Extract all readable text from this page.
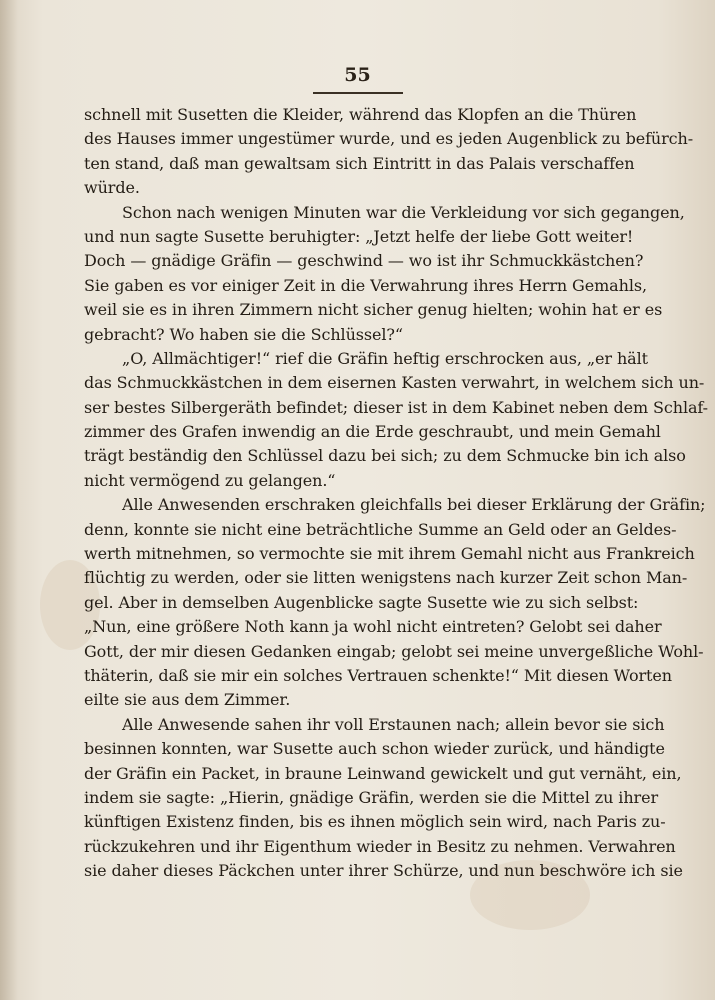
55
schnell mit Susetten die Kleider, während das Klopfen an die Thüren
des Hauses immer ungestümer wurde, und es jeden Augenblick zu befürch-
ten stand, daß man gewaltsam sich Eintritt in das Palais verschaffen
würde.
Schon nach wenigen Minuten war die Verkleidung vor sich gegangen,
und nun sagte Susette beruhigter: „Jetzt helfe der liebe Gott weiter!
Doch — gnädige Gräfin — geschwind — wo ist ihr Schmuckkästchen?
Sie gaben es vor einiger Zeit in die Verwahrung ihres Herrn Gemahls,
weil sie es in ihren Zimmern nicht sicher genug hielten; wohin hat er es
gebracht? Wo haben sie die Schlüssel?“
„O, Allmächtiger!“ rief die Gräfin heftig erschrocken aus, „er hält
das Schmuckkästchen in dem eisernen Kasten verwahrt, in welchem sich un-
ser bestes Silbergeräth befindet; dieser ist in dem Kabinet neben dem Schlaf-
zimmer des Grafen inwendig an die Erde geschraubt, und mein Gemahl
trägt beständig den Schlüssel dazu bei sich; zu dem Schmucke bin ich also
nicht vermögend zu gelangen.“
Alle Anwesenden erschraken gleichfalls bei dieser Erklärung der Gräfin;
denn, konnte sie nicht eine beträchtliche Summe an Geld oder an Geldes-
werth mitnehmen, so vermochte sie mit ihrem Gemahl nicht aus Frankreich
flüchtig zu werden, oder sie litten wenigstens nach kurzer Zeit schon Man-
gel. Aber in demselben Augenblicke sagte Susette wie zu sich selbst:
„Nun, eine größere Noth kann ja wohl nicht eintreten? Gelobt sei daher
Gott, der mir diesen Gedanken eingab; gelobt sei meine unvergeßliche Wohl-
thäterin, daß sie mir ein solches Vertrauen schenkte!“ Mit diesen Worten
eilte sie aus dem Zimmer.
Alle Anwesende sahen ihr voll Erstaunen nach; allein bevor sie sich
besinnen konnten, war Susette auch schon wieder zurück, und händigte
der Gräfin ein Packet, in braune Leinwand gewickelt und gut vernäht, ein,
indem sie sagte: „Hierin, gnädige Gräfin, werden sie die Mittel zu ihrer
künftigen Existenz finden, bis es ihnen möglich sein wird, nach Paris zu-
rückzukehren und ihr Eigenthum wieder in Besitz zu nehmen. Verwahren
sie daher dieses Päckchen unter ihrer Schürze, und nun beschwöre ich sie
